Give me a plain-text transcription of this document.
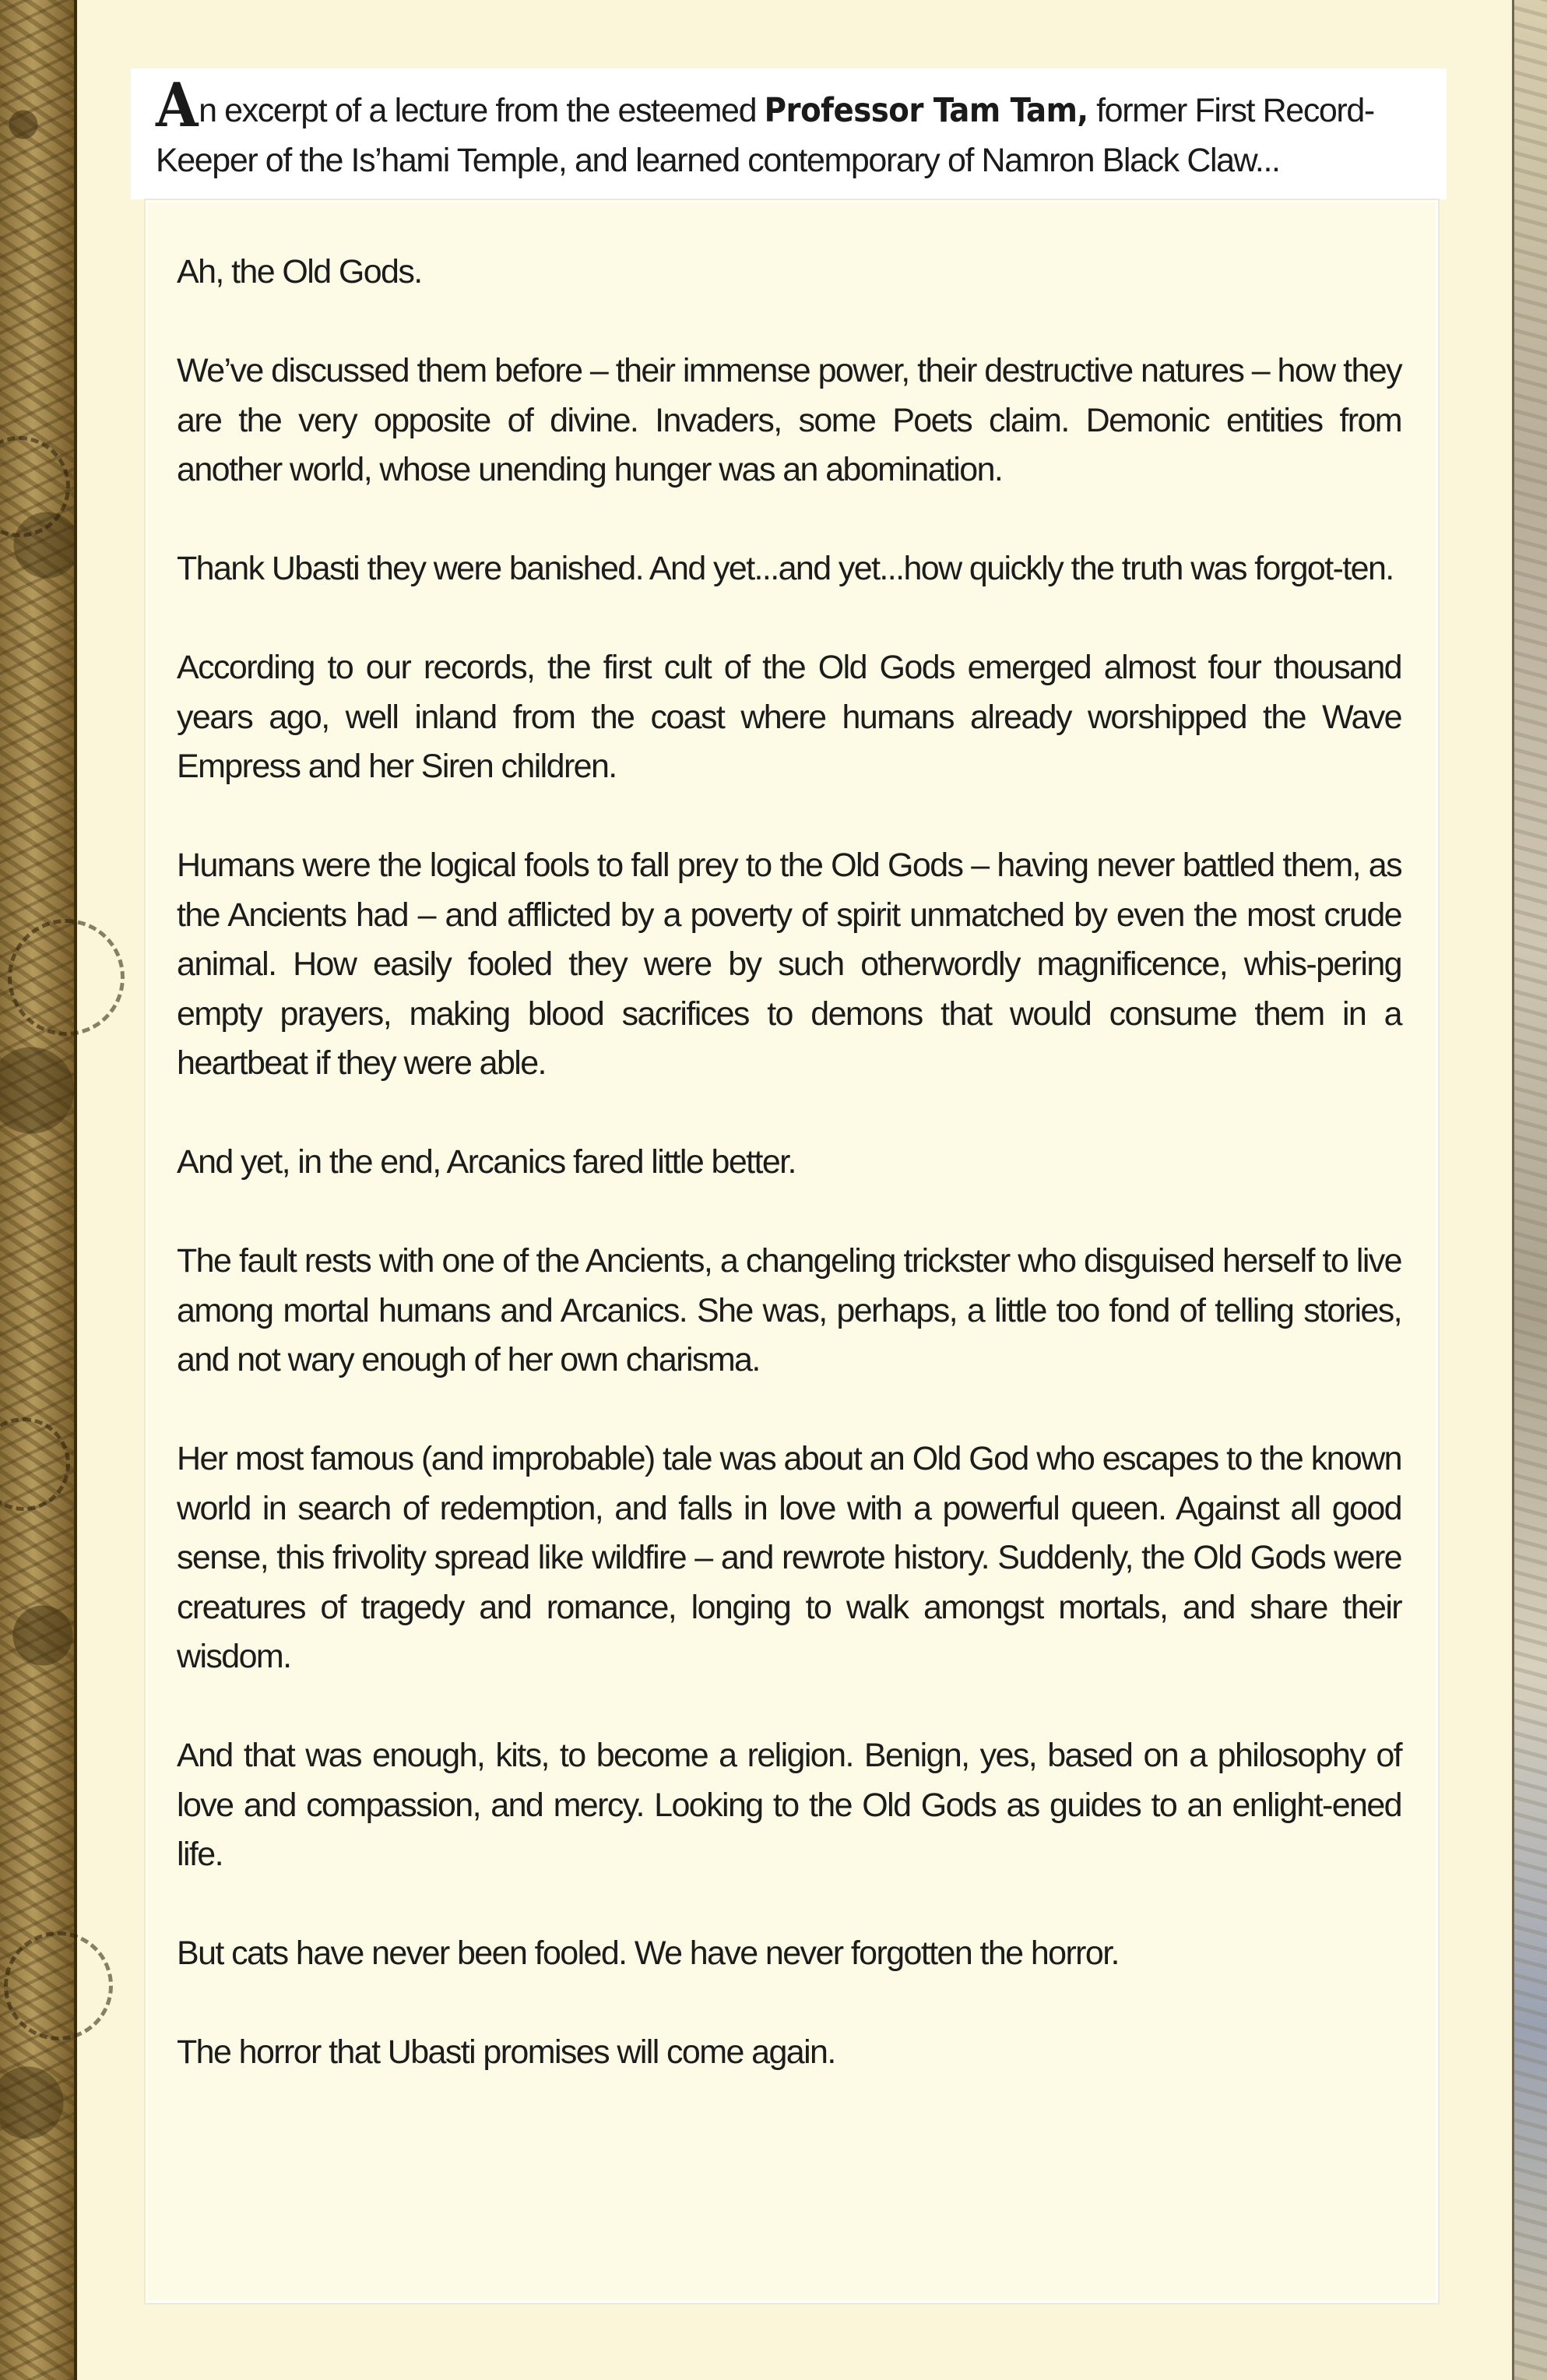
An excerpt of a lecture from the esteemed Professor Tam Tam, former First Record-Keeper of the Is’hami Temple, and learned contemporary of Namron Black Claw...

Ah, the Old Gods.

We’ve discussed them before – their immense power, their destructive natures – how they are the very opposite of divine. Invaders, some Poets claim. Demonic entities from another world, whose unending hunger was an abomination.

Thank Ubasti they were banished. And yet...and yet...how quickly the truth was forgot-ten.

According to our records, the first cult of the Old Gods emerged almost four thousand years ago, well inland from the coast where humans already worshipped the Wave Empress and her Siren children.

Humans were the logical fools to fall prey to the Old Gods – having never battled them, as the Ancients had – and afflicted by a poverty of spirit unmatched by even the most crude animal. How easily fooled they were by such otherwordly magnificence, whis-pering empty prayers, making blood sacrifices to demons that would consume them in a heartbeat if they were able.

And yet, in the end, Arcanics fared little better.

The fault rests with one of the Ancients, a changeling trickster who disguised herself to live among mortal humans and Arcanics. She was, perhaps, a little too fond of telling stories, and not wary enough of her own charisma.

Her most famous (and improbable) tale was about an Old God who escapes to the known world in search of redemption, and falls in love with a powerful queen. Against all good sense, this frivolity spread like wildfire – and rewrote history. Suddenly, the Old Gods were creatures of tragedy and romance, longing to walk amongst mortals, and share their wisdom.

And that was enough, kits, to become a religion. Benign, yes, based on a philosophy of love and compassion, and mercy. Looking to the Old Gods as guides to an enlight-ened life.

But cats have never been fooled. We have never forgotten the horror.

The horror that Ubasti promises will come again.
